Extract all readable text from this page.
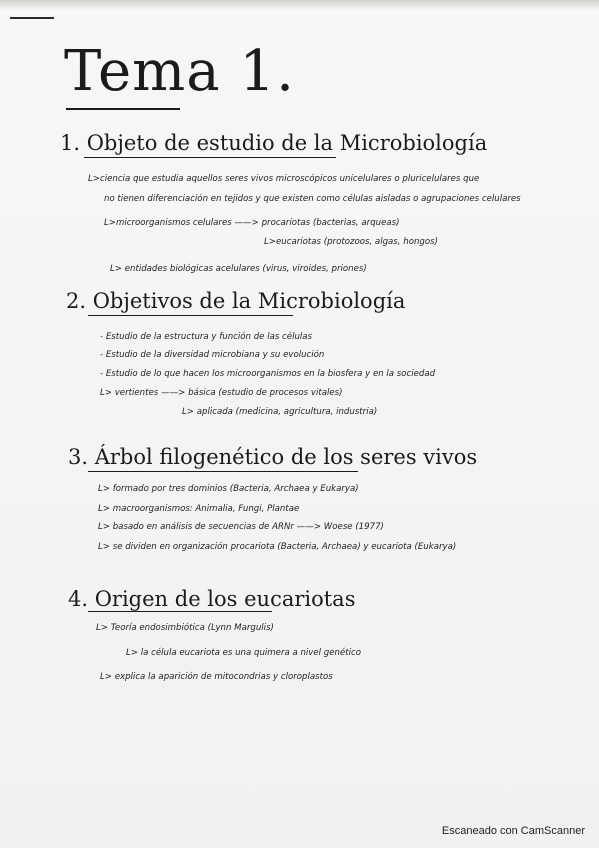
Tema 1.
1. Objeto de estudio de la Microbiología
L>ciencia que estudia aquellos seres vivos microscópicos unicelulares o pluricelulares que
no tienen diferenciación en tejidos y que existen como células aisladas o agrupaciones celulares
L>microorganismos celulares ——> procariotas (bacterias, arqueas)
L>eucariotas (protozoos, algas, hongos)
L> entidades biológicas acelulares (virus, viroides, priones)
2. Objetivos de la Microbiología
- Estudio de la estructura y función de las células
- Estudio de la diversidad microbiana y su evolución
- Estudio de lo que hacen los microorganismos en la biosfera y en la sociedad
L> vertientes ——> básica (estudio de procesos vitales)
L> aplicada (medicina, agricultura, industria)
3. Árbol filogenético de los seres vivos
L> formado por tres dominios (Bacteria, Archaea y Eukarya)
L> macroorganismos: Animalia, Fungi, Plantae
L> basado en análisis de secuencias de ARNr ——> Woese (1977)
L> se dividen en organización procariota (Bacteria, Archaea) y eucariota (Eukarya)
4. Origen de los eucariotas
L> Teoría endosimbiótica (Lynn Margulis)
L> la célula eucariota es una quimera a nivel genético
L> explica la aparición de mitocondrias y cloroplastos
Escaneado con CamScanner
